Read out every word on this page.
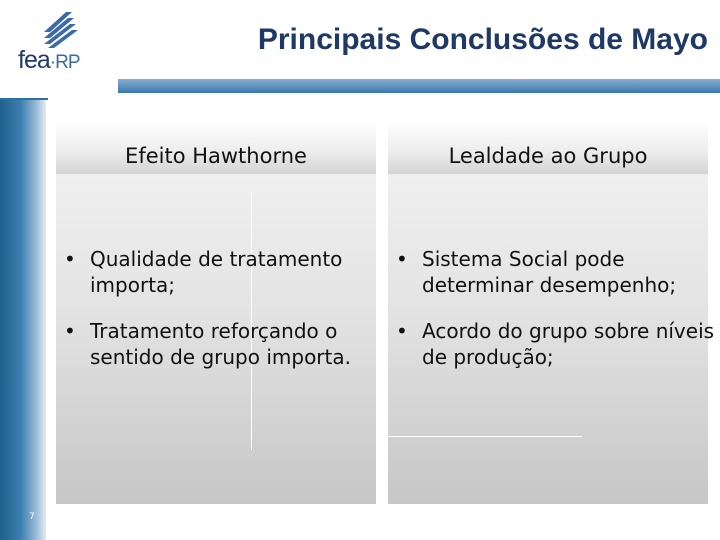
7
fea·RP
Principais Conclusões de Mayo
Efeito Hawthorne	Lealdade ao Grupo
• Qualidade de tratamento importa;
• Tratamento reforçando o sentido de grupo importa.
• Sistema Social pode determinar desempenho;
• Acordo do grupo sobre níveis de produção;
